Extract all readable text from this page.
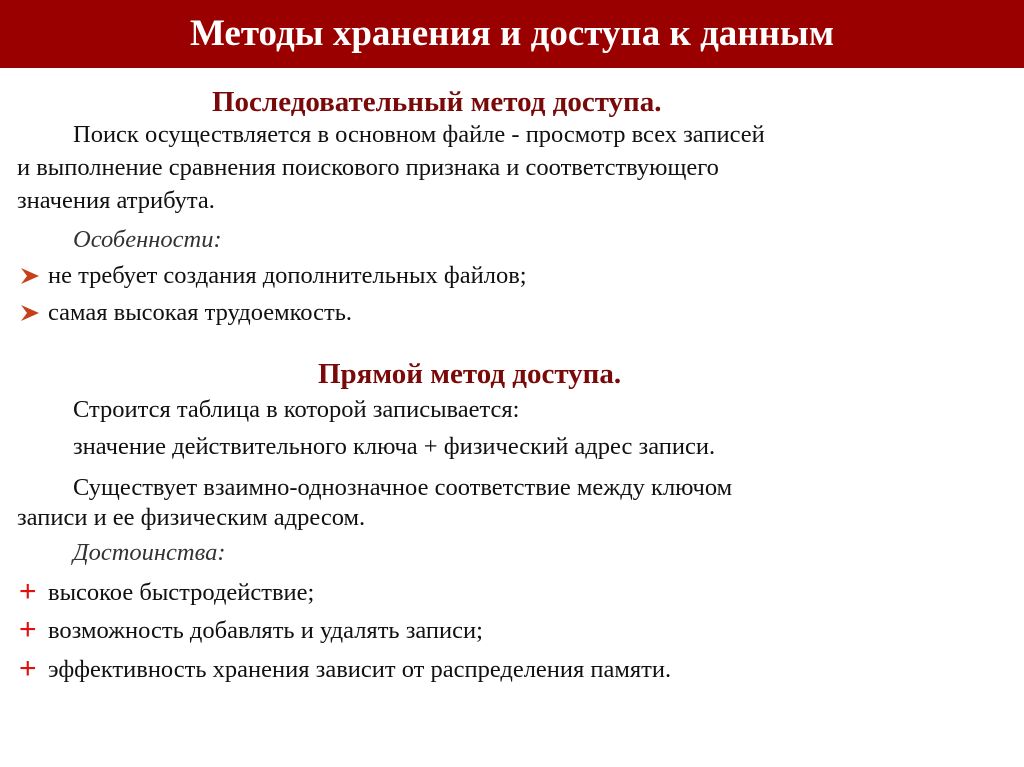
Методы хранения и доступа к данным
Последовательный метод доступа.
Поиск осуществляется в основном файле - просмотр всех записей
и выполнение сравнения поискового признака и соответствующего
значения атрибута.
Особенности:
не требует создания дополнительных файлов;
самая высокая трудоемкость.
Прямой метод доступа.
Строится таблица в которой записывается:
значение действительного ключа + физический адрес записи.
Существует взаимно-однозначное соответствие между ключом
записи и ее физическим адресом.
Достоинства:
+ высокое быстродействие;
+ возможность добавлять и удалять записи;
+ эффективность хранения зависит от распределения памяти.
